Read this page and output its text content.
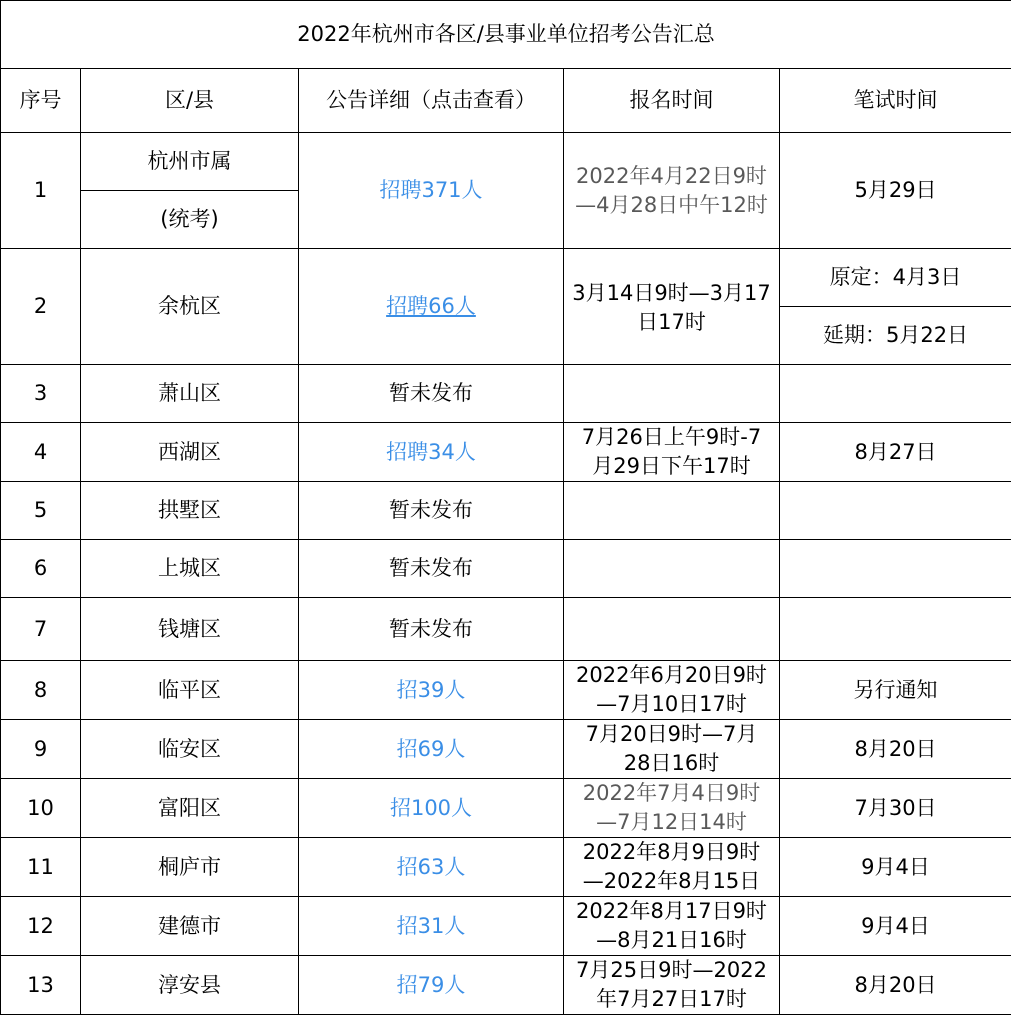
2022年杭州市各区/县事业单位招考公告汇总				
序号	区/县	公告详细（点击查看）	报名时间	笔试时间
1	杭州市属	招聘371人	2022年4月22日9时
—4月28日中午12时	5月29日
	(统考)			
2	余杭区	招聘66人	3月14日9时—3月17
日17时	原定：4月3日
				延期：5月22日
3	萧山区	暂未发布		
4	西湖区	招聘34人	7月26日上午9时-7
月29日下午17时	8月27日
5	拱墅区	暂未发布		
6	上城区	暂未发布		
7	钱塘区	暂未发布		
8	临平区	招39人	2022年6月20日9时
—7月10日17时	另行通知
9	临安区	招69人	7月20日9时—7月
28日16时	8月20日
10	富阳区	招100人	2022年7月4日9时
—7月12日14时	7月30日
11	桐庐市	招63人	2022年8月9日9时
—2022年8月15日	9月4日
12	建德市	招31人	2022年8月17日9时
—8月21日16时	9月4日
13	淳安县	招79人	7月25日9时—2022
年7月27日17时	8月20日
